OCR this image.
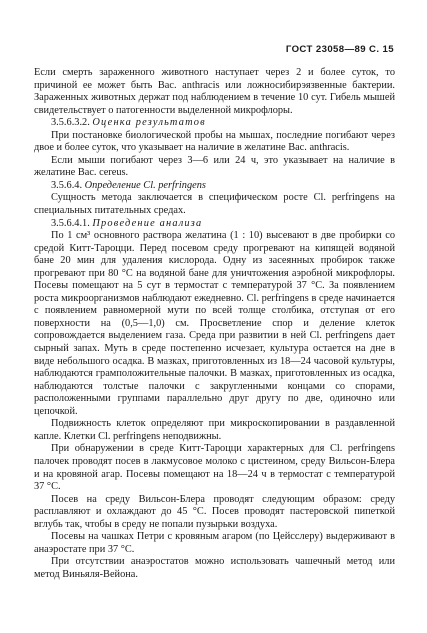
ГОСТ 23058—89 С. 15

Если смерть зараженного животного наступает через 2 и более суток, то причиной ее может быть Bac. anthracis или ложносибирэязвенные бактерии. Зараженных животных держат под наблюдением в течение 10 сут. Гибель мышей свидетельствует о патогенности выделенной микрофлоры.

3.5.6.3.2. Оценка результатов

При постановке биологической пробы на мышах, последние погибают через двое и более суток, что указывает на наличие в желатине Bac. anthracis.

Если мыши погибают через 3—6 или 24 ч, это указывает на наличие в желатине Bac. cereus.

3.5.6.4. Определение Cl. perfringens

Сущность метода заключается в специфическом росте Cl. perfringens на специальных питательных средах.

3.5.6.4.1. Проведение анализа

По 1 см³ основного раствора желатина (1 : 10) высевают в две пробирки со средой Китт-Тароцци. Перед посевом среду прогревают на кипящей водяной бане 20 мин для удаления кислорода. Одну из засеянных пробирок также прогревают при 80 °С на водяной бане для уничтожения аэробной микрофлоры. Посевы помещают на 5 сут в термостат с температурой 37 °С. За появлением роста микроорганизмов наблюдают ежедневно. Cl. perfringens в среде начинается с появлением равномерной мути по всей толще столбика, отступая от его поверхности на (0,5—1,0) см. Просветление спор и деление клеток сопровождается выделением газа. Среда при развитии в ней Cl. perfringens дает сырный запах. Муть в среде постепенно исчезает, культура остается на дне в виде небольшого осадка. В мазках, приготовленных из 18—24 часовой культуры, наблюдаются грамположительные палочки. В мазках, приготовленных из осадка, наблюдаются толстые палочки с закругленными концами со спорами, расположенными группами параллельно друг другу по две, одиночно или цепочкой.

Подвижность клеток определяют при микроскопировании в раздавленной капле. Клетки Cl. perfringens неподвижны.

При обнаружении в среде Китт-Тароцци характерных для Cl. perfringens палочек проводят посев в лакмусовое молоко с цистеином, среду Вильсон-Блера и на кровяной агар. Посевы помещают на 18—24 ч в термостат с температурой 37 °С.

Посев на среду Вильсон-Блера проводят следующим образом: среду расплавляют и охлаждают до 45 °С. Посев проводят пастеровской пипеткой вглубь так, чтобы в среду не попали пузырьки воздуха.

Посевы на чашках Петри с кровяным агаром (по Цейсслеру) выдерживают в анаэростате при 37 °С.

При отсутствии анаэростатов можно использовать чашечный метод или метод Виньяля-Вейона.
